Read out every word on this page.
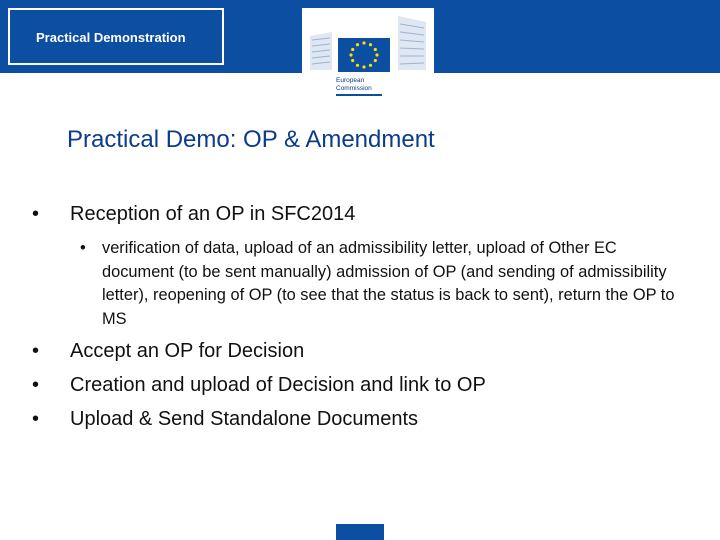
Practical Demonstration
European
Commission
Practical Demo: OP & Amendment
• Reception of an OP in SFC2014
• verification of data, upload of an admissibility letter, upload of Other EC document (to be sent manually) admission of OP (and sending of admissibility letter), reopening of OP (to see that the status is back to sent), return the OP to MS
• Accept an OP for Decision
• Creation and upload of Decision and link to OP
• Upload & Send Standalone Documents
